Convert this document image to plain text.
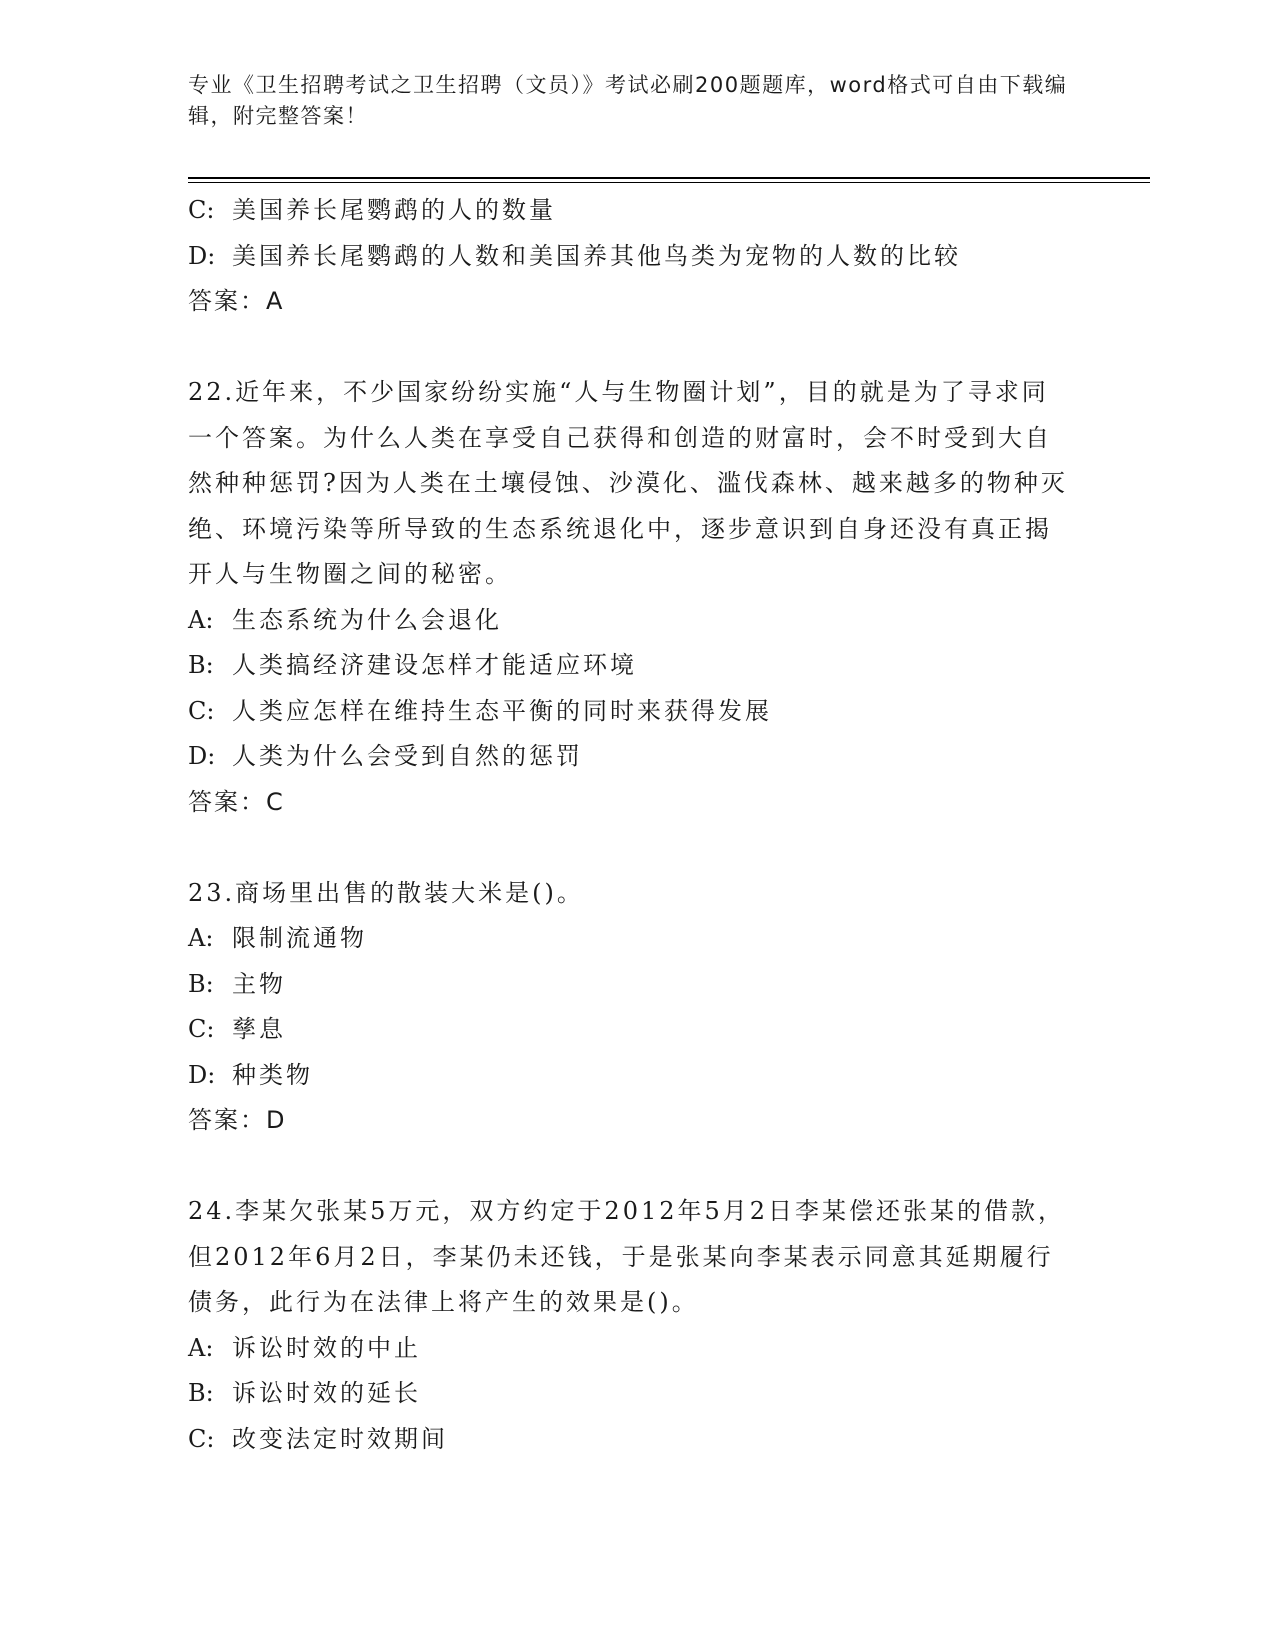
专业《卫生招聘考试之卫生招聘（文员）》考试必刷200题题库，word格式可自由下载编辑，附完整答案！
C: 美国养长尾鹦鹉的人的数量
D: 美国养长尾鹦鹉的人数和美国养其他鸟类为宠物的人数的比较
答案：A
22.近年来，不少国家纷纷实施“人与生物圈计划”，目的就是为了寻求同一个答案。为什么人类在享受自己获得和创造的财富时，会不时受到大自然种种惩罚?因为人类在土壤侵蚀、沙漠化、滥伐森林、越来越多的物种灭绝、环境污染等所导致的生态系统退化中，逐步意识到自身还没有真正揭开人与生物圈之间的秘密。
A: 生态系统为什么会退化
B: 人类搞经济建设怎样才能适应环境
C: 人类应怎样在维持生态平衡的同时来获得发展
D: 人类为什么会受到自然的惩罚
答案：C
23.商场里出售的散装大米是()。
A: 限制流通物
B: 主物
C: 孳息
D: 种类物
答案：D
24.李某欠张某5万元，双方约定于2012年5月2日李某偿还张某的借款，但2012年6月2日，李某仍未还钱，于是张某向李某表示同意其延期履行债务，此行为在法律上将产生的效果是()。
A: 诉讼时效的中止
B: 诉讼时效的延长
C: 改变法定时效期间
